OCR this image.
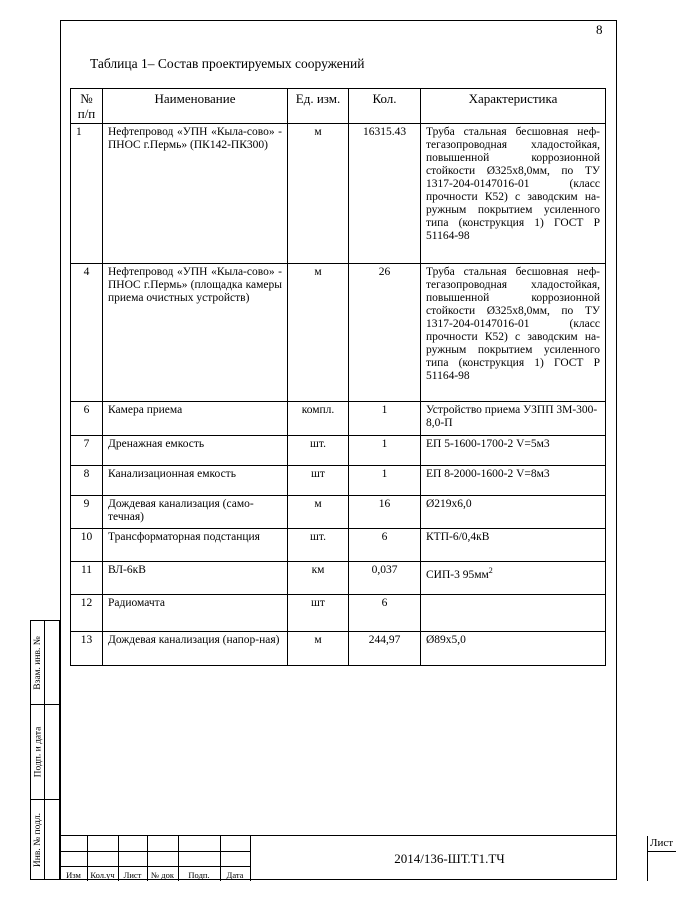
8
Таблица 1– Состав проектируемых сооружений
№ п/п	Наименование	Ед. изм.	Кол.	Характеристика
1	Нефтепровод «УПН «Кыла-сово» - ПНОС г.Пермь» (ПК142-ПК300)	м	16315.43	Труба стальная бесшовная неф-тегазопроводная хладостойкая, повышенной коррозионной стойкости Ø325х8,0мм, по ТУ 1317-204-0147016-01 (класс прочности К52) с заводским на-ружным покрытием усиленного типа (конструкция 1) ГОСТ Р 51164-98
4	Нефтепровод «УПН «Кыла-сово» - ПНОС г.Пермь» (площадка камеры приема очистных устройств)	м	26	Труба стальная бесшовная неф-тегазопроводная хладостойкая, повышенной коррозионной стойкости Ø325х8,0мм, по ТУ 1317-204-0147016-01 (класс прочности К52) с заводским на-ружным покрытием усиленного типа (конструкция 1) ГОСТ Р 51164-98
6	Камера приема	компл.	1	Устройство приема УЗПП 3М-300-8,0-П
7	Дренажная емкость	шт.	1	ЕП 5-1600-1700-2 V=5м3
8	Канализационная емкость	шт	1	ЕП 8-2000-1600-2 V=8м3
9	Дождевая канализация (само-течная)	м	16	Ø219х6,0
10	Трансформаторная подстанция	шт.	6	КТП-6/0,4кВ
11	ВЛ-6кВ	км	0,037	СИП-3 $95мм^2$
12	Радиомачта	шт	6	
13	Дождевая канализация (напор-ная)	м	244,97	Ø89х5,0
Взам. инв. №
Подп. и дата
Инв. № подл.
Изм	Кол.уч	Лист	№ док	Подп.	Дата
2014/136-ШТ.Т1.ТЧ
Лист
